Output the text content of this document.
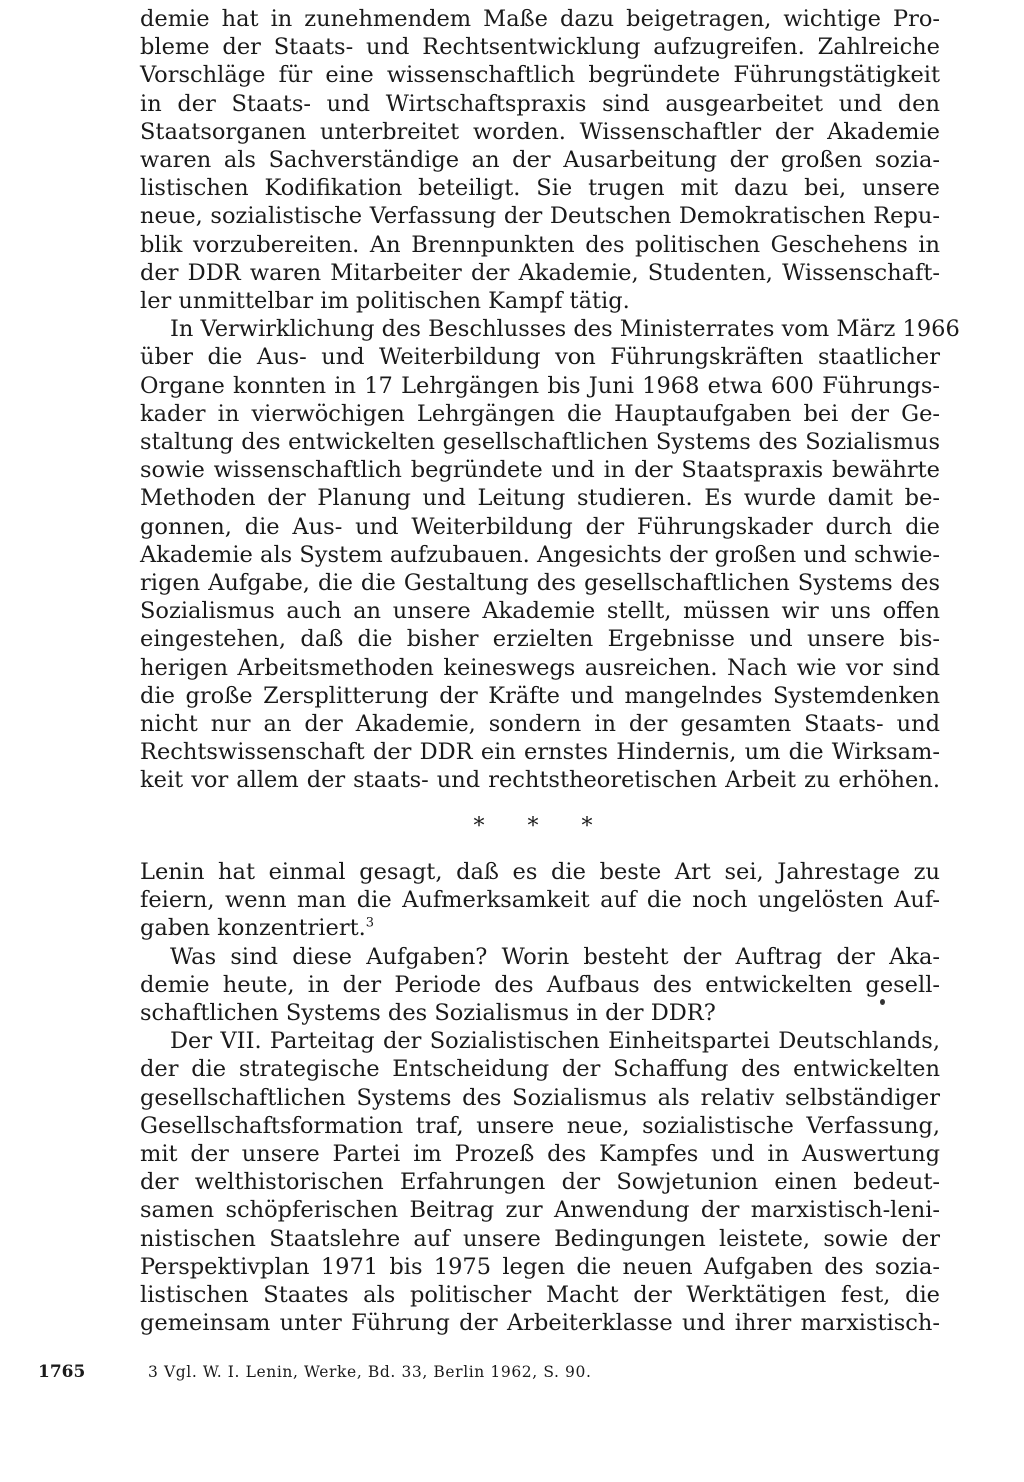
demie hat in zunehmendem Maße dazu beigetragen, wichtige Pro-
bleme der Staats- und Rechtsentwicklung aufzugreifen. Zahlreiche
Vorschläge für eine wissenschaftlich begründete Führungstätigkeit
in der Staats- und Wirtschaftspraxis sind ausgearbeitet und den
Staatsorganen unterbreitet worden. Wissenschaftler der Akademie
waren als Sachverständige an der Ausarbeitung der großen sozia-
listischen Kodifikation beteiligt. Sie trugen mit dazu bei, unsere
neue, sozialistische Verfassung der Deutschen Demokratischen Repu-
blik vorzubereiten. An Brennpunkten des politischen Geschehens in
der DDR waren Mitarbeiter der Akademie, Studenten, Wissenschaft-
ler unmittelbar im politischen Kampf tätig.
In Verwirklichung des Beschlusses des Ministerrates vom März 1966
über die Aus- und Weiterbildung von Führungskräften staatlicher
Organe konnten in 17 Lehrgängen bis Juni 1968 etwa 600 Führungs-
kader in vierwöchigen Lehrgängen die Hauptaufgaben bei der Ge-
staltung des entwickelten gesellschaftlichen Systems des Sozialismus
sowie wissenschaftlich begründete und in der Staatspraxis bewährte
Methoden der Planung und Leitung studieren. Es wurde damit be-
gonnen, die Aus- und Weiterbildung der Führungskader durch die
Akademie als System aufzubauen. Angesichts der großen und schwie-
rigen Aufgabe, die die Gestaltung des gesellschaftlichen Systems des
Sozialismus auch an unsere Akademie stellt, müssen wir uns offen
eingestehen, daß die bisher erzielten Ergebnisse und unsere bis-
herigen Arbeitsmethoden keineswegs ausreichen. Nach wie vor sind
die große Zersplitterung der Kräfte und mangelndes Systemdenken
nicht nur an der Akademie, sondern in der gesamten Staats- und
Rechtswissenschaft der DDR ein ernstes Hindernis, um die Wirksam-
keit vor allem der staats- und rechtstheoretischen Arbeit zu erhöhen.
* * *
Lenin hat einmal gesagt, daß es die beste Art sei, Jahrestage zu
feiern, wenn man die Aufmerksamkeit auf die noch ungelösten Auf-
gaben konzentriert.$^3$
Was sind diese Aufgaben? Worin besteht der Auftrag der Aka-
demie heute, in der Periode des Aufbaus des entwickelten gesell-
schaftlichen Systems des Sozialismus in der DDR?
Der VII. Parteitag der Sozialistischen Einheitspartei Deutschlands,
der die strategische Entscheidung der Schaffung des entwickelten
gesellschaftlichen Systems des Sozialismus als relativ selbständiger
Gesellschaftsformation traf, unsere neue, sozialistische Verfassung,
mit der unsere Partei im Prozeß des Kampfes und in Auswertung
der welthistorischen Erfahrungen der Sowjetunion einen bedeut-
samen schöpferischen Beitrag zur Anwendung der marxistisch-leni-
nistischen Staatslehre auf unsere Bedingungen leistete, sowie der
Perspektivplan 1971 bis 1975 legen die neuen Aufgaben des sozia-
listischen Staates als politischer Macht der Werktätigen fest, die
gemeinsam unter Führung der Arbeiterklasse und ihrer marxistisch-
1765	3 Vgl. W. I. Lenin, Werke, Bd. 33, Berlin 1962, S. 90.
